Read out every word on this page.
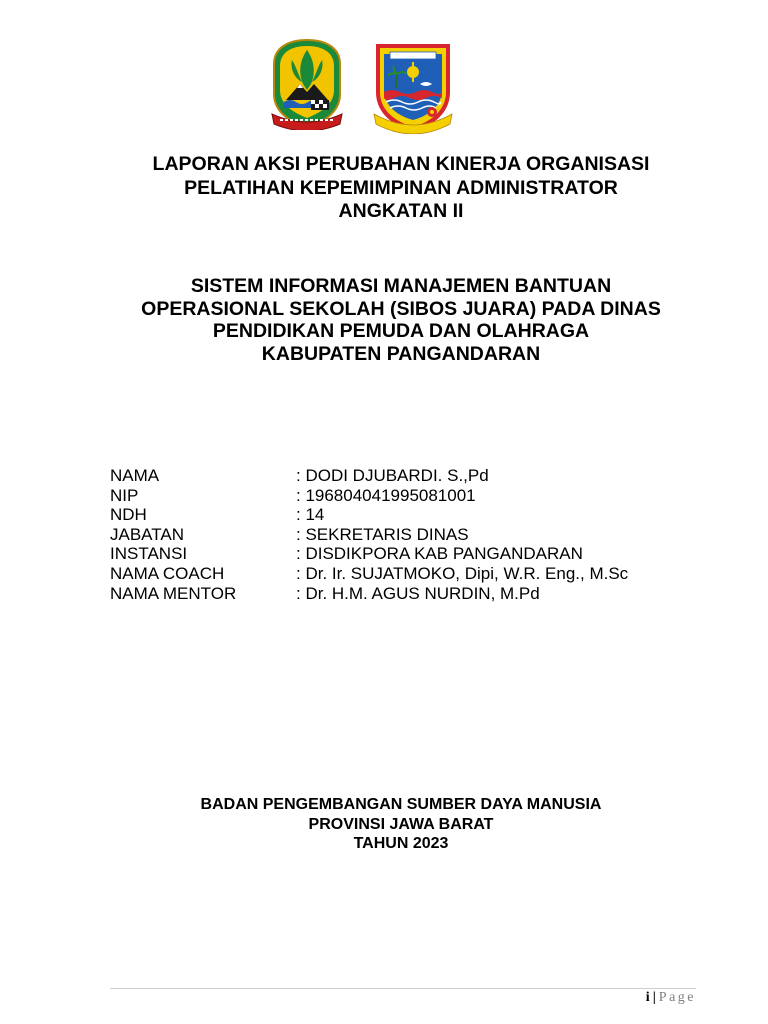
LAPORAN AKSI PERUBAHAN KINERJA ORGANISASI
PELATIHAN KEPEMIMPINAN ADMINISTRATOR
ANGKATAN II
SISTEM INFORMASI MANAJEMEN BANTUAN
OPERASIONAL SEKOLAH (SIBOS JUARA) PADA DINAS
PENDIDIKAN PEMUDA DAN OLAHRAGA
KABUPATEN PANGANDARAN
NAMA	: DODI DJUBARDI. S.,Pd
NIP	: 196804041995081001
NDH	: 14
JABATAN	: SEKRETARIS DINAS
INSTANSI	: DISDIKPORA KAB PANGANDARAN
NAMA COACH	: Dr. Ir. SUJATMOKO, Dipi, W.R. Eng., M.Sc
NAMA MENTOR	: Dr. H.M. AGUS NURDIN, M.Pd
BADAN PENGEMBANGAN SUMBER DAYA MANUSIA
PROVINSI JAWA BARAT
TAHUN 2023
i | Page
